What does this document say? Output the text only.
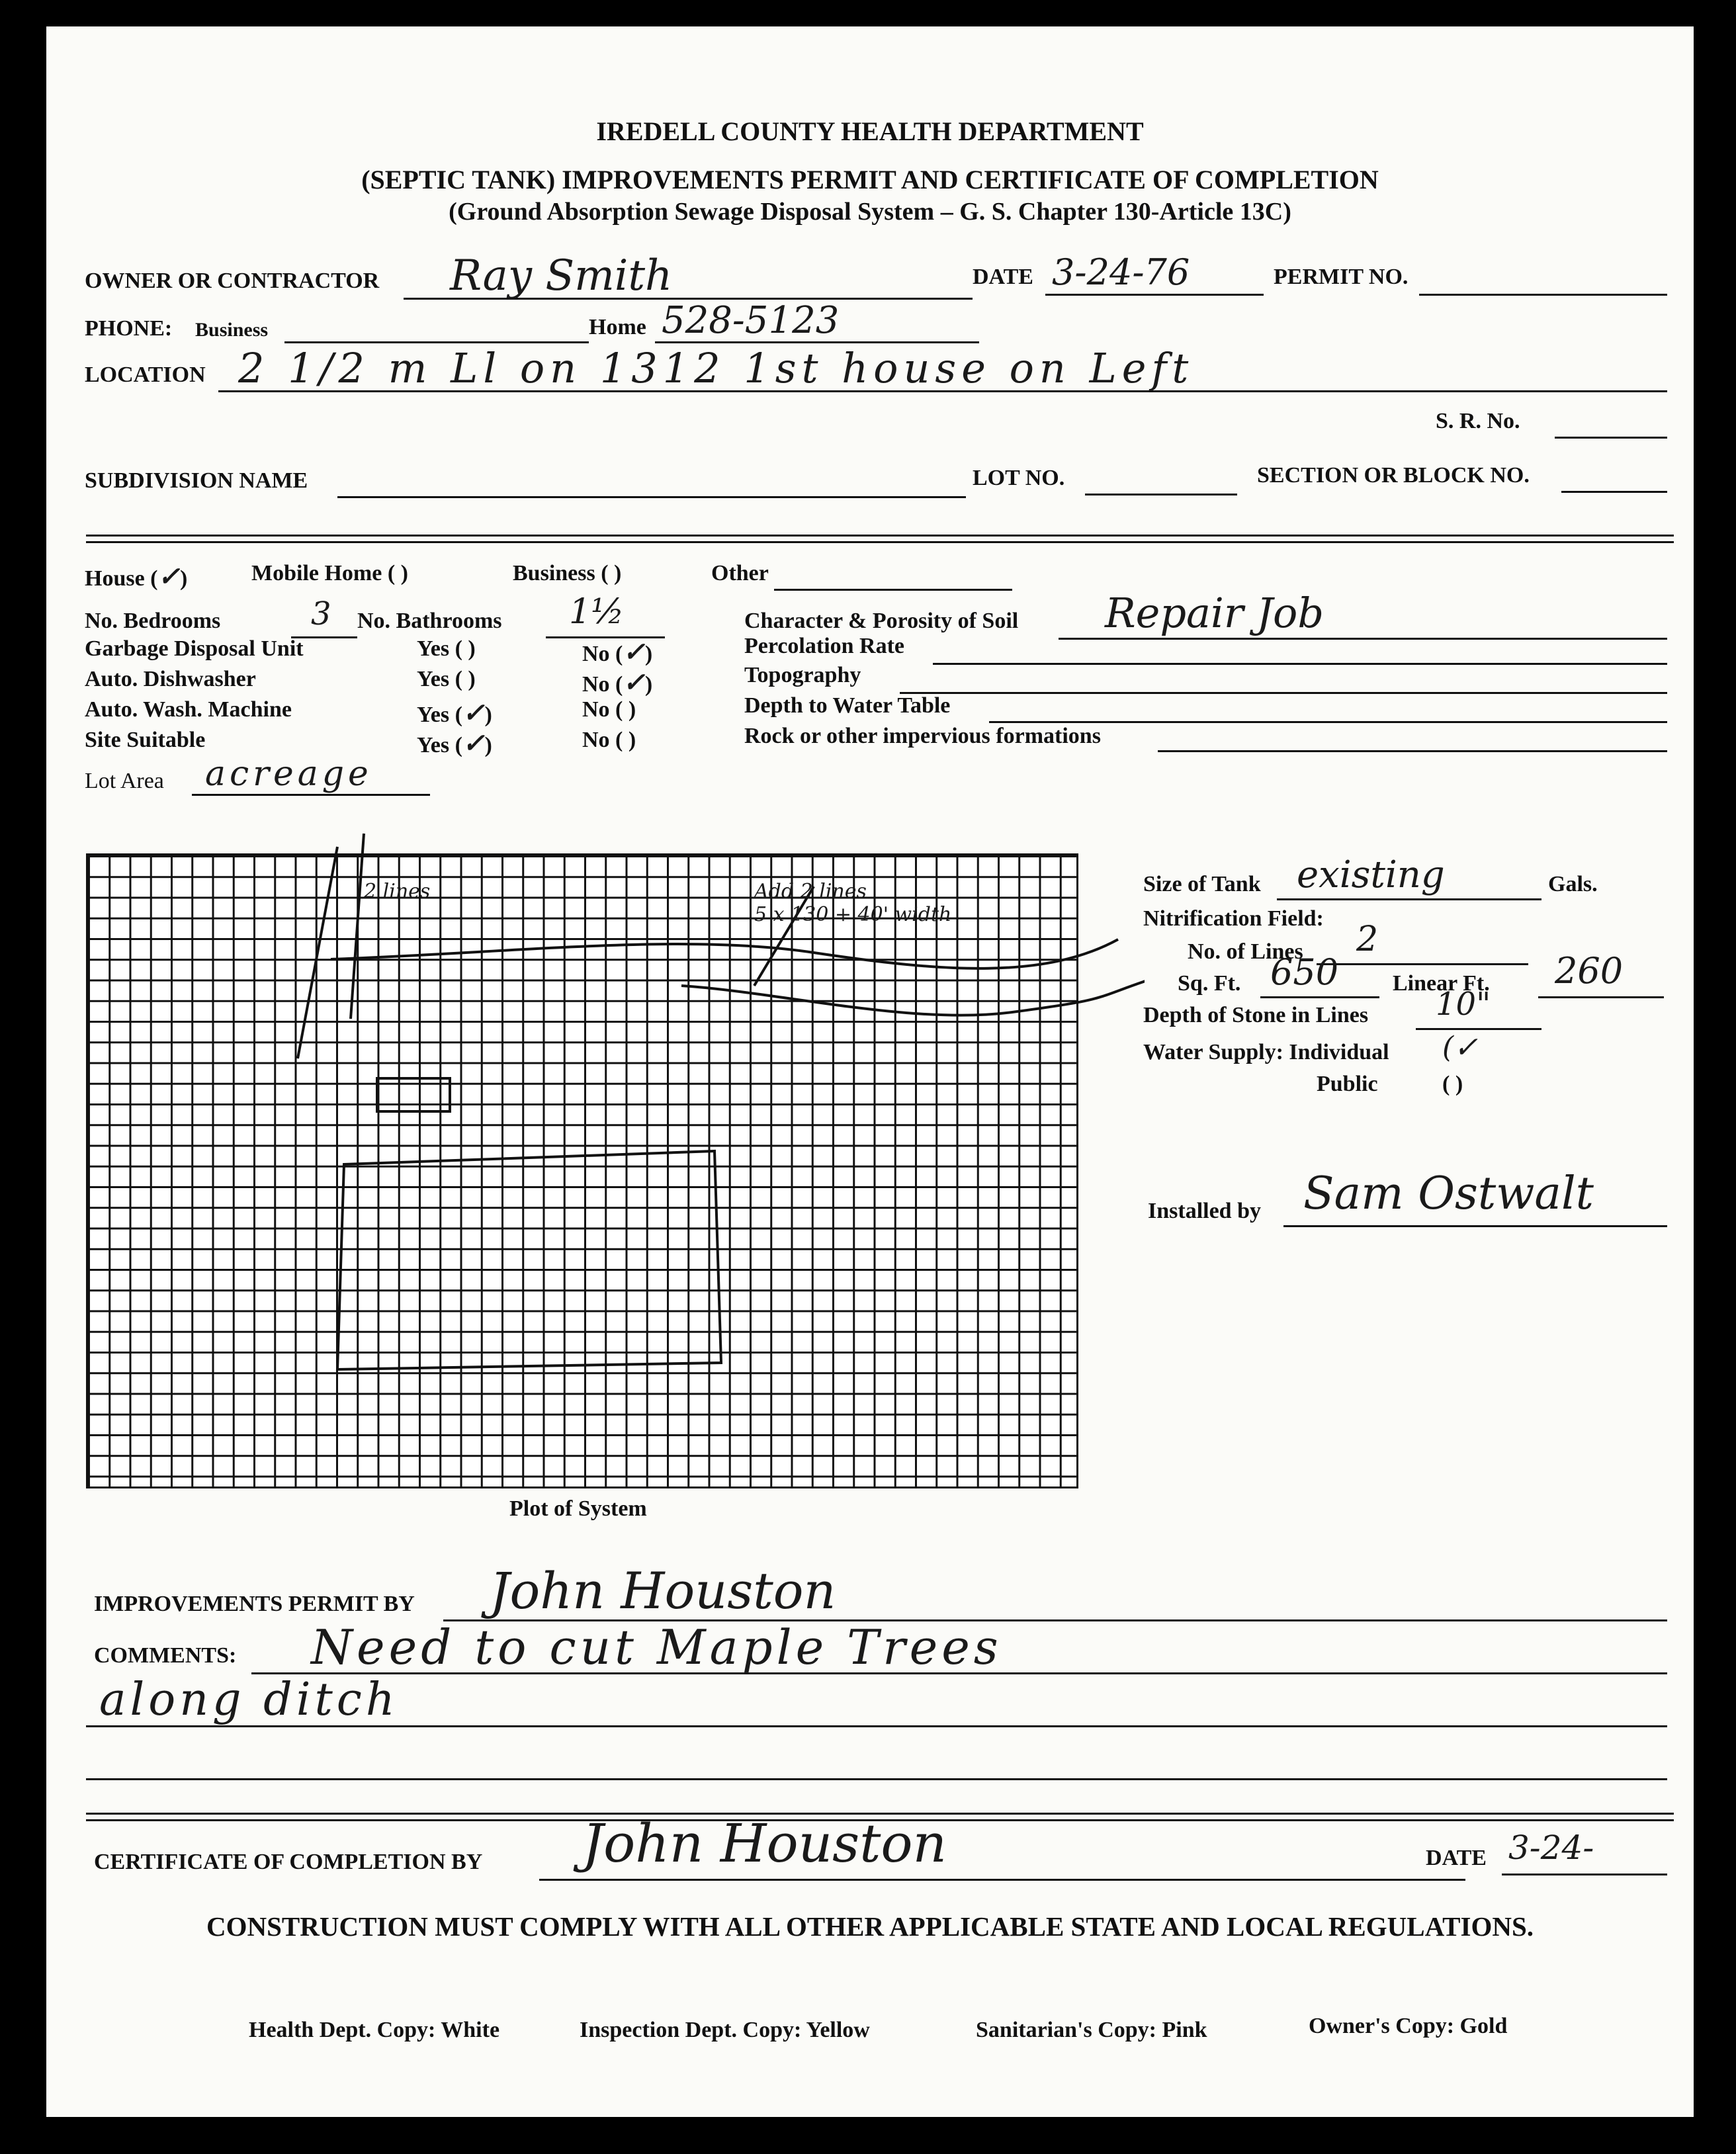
IREDELL COUNTY HEALTH DEPARTMENT
(SEPTIC TANK) IMPROVEMENTS PERMIT AND CERTIFICATE OF COMPLETION
(Ground Absorption Sewage Disposal System – G. S. Chapter 130-Article 13C)
OWNER OR CONTRACTOR Ray Smith	DATE 3-24-76	PERMIT NO.
PHONE: Business	Home 528-5123
LOCATION 2 1/2 m Ll on 1312 1st house on Left
S. R. No.
SUBDIVISION NAME	LOT NO.	SECTION OR BLOCK NO.
House (✓)	Mobile Home ( )	Business ( )	Other
No. Bedrooms	3 No. Bathrooms 1½
Garbage Disposal Unit	Yes ( )	No (✓)
Auto. Dishwasher	Yes ( )	No (✓)
Auto. Wash. Machine	Yes (✓)	No ( )
Site Suitable	Yes (✓)	No ( )
Lot Area acreage
Character & Porosity of Soil Repair Job
Percolation Rate
Topography
Depth to Water Table
Rock or other impervious formations
2 lines	Add 2 lines
5 x 130 + 40' width
Plot of System
Size of Tank existing	Gals.
Nitrification Field:
No. of Lines 2
Sq. Ft. 650 Linear Ft. 260
Depth of Stone in Lines 10"
Water Supply: Individual (✓
Public	( )
Installed by Sam Ostwalt
IMPROVEMENTS PERMIT BY John Houston
COMMENTS: Need to cut Maple Trees
along ditch
CERTIFICATE OF COMPLETION BY John Houston	DATE 3-24-
CONSTRUCTION MUST COMPLY WITH ALL OTHER APPLICABLE STATE AND LOCAL REGULATIONS.
Health Dept. Copy: White	Inspection Dept. Copy: Yellow	Sanitarian's Copy: Pink	Owner's Copy: Gold
